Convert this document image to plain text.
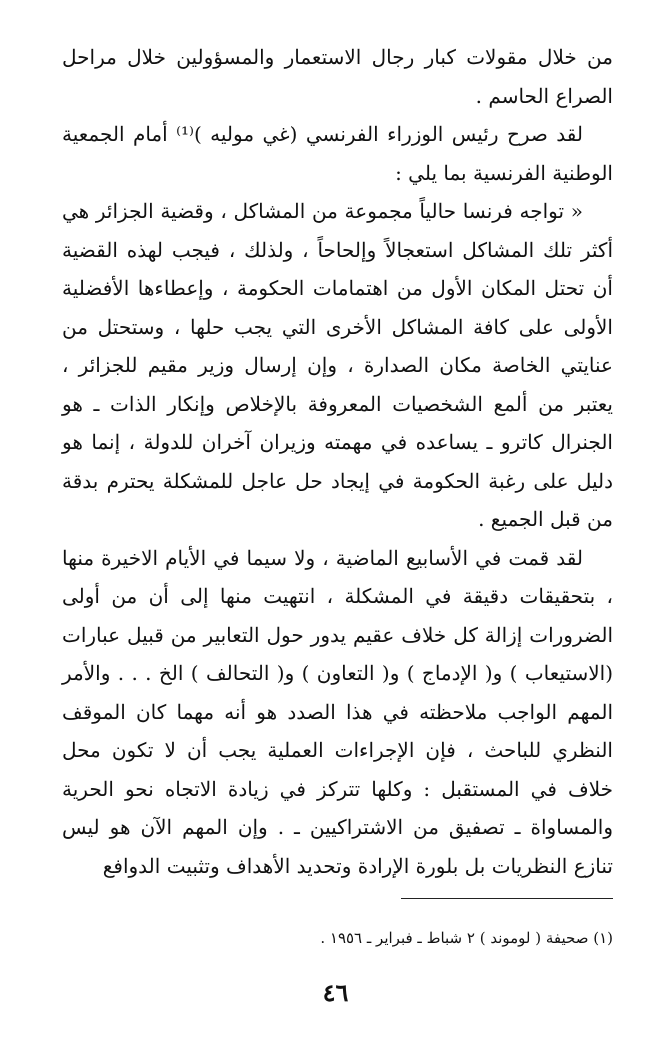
من خلال مقولات كبار رجال الاستعمار والمسؤولين خلال مراحل الصراع الحاسم .

لقد صرح رئيس الوزراء الفرنسي (غي موليه )⁽¹⁾ أمام الجمعية الوطنية الفرنسية بما يلي :

« تواجه فرنسا حالياً مجموعة من المشاكل ، وقضية الجزائر هي أكثر تلك المشاكل استعجالاً وإلحاحاً ، ولذلك ، فيجب لهذه القضية أن تحتل المكان الأول من اهتمامات الحكومة ، وإعطاءها الأفضلية الأولى على كافة المشاكل الأخرى التي يجب حلها ، وستحتل من عنايتي الخاصة مكان الصدارة ، وإن إرسال وزير مقيم للجزائر ، يعتبر من ألمع الشخصيات المعروفة بالإخلاص وإنكار الذات ـ هو الجنرال كاترو ـ يساعده في مهمته وزيران آخران للدولة ، إنما هو دليل على رغبة الحكومة في إيجاد حل عاجل للمشكلة يحترم بدقة من قبل الجميع .

لقد قمت في الأسابيع الماضية ، ولا سيما في الأيام الاخيرة منها ، بتحقيقات دقيقة في المشكلة ، انتهيت منها إلى أن من أولى الضرورات إزالة كل خلاف عقيم يدور حول التعابير من قبيل عبارات (الاستيعاب ) و( الإدماج ) و( التعاون ) و( التحالف ) الخ . . . والأمر المهم الواجب ملاحظته في هذا الصدد هو أنه مهما كان الموقف النظري للباحث ، فإن الإجراءات العملية يجب أن لا تكون محل خلاف في المستقبل : وكلها تتركز في زيادة الاتجاه نحو الحرية والمساواة ـ تصفيق من الاشتراكيين ـ . وإن المهم الآن هو ليس تنازع النظريات بل بلورة الإرادة وتحديد الأهداف وتثبيت الدوافع

(١) صحيفة ( لوموند ) ٢ شباط ـ فبراير ـ ١٩٥٦ .
٤٦
